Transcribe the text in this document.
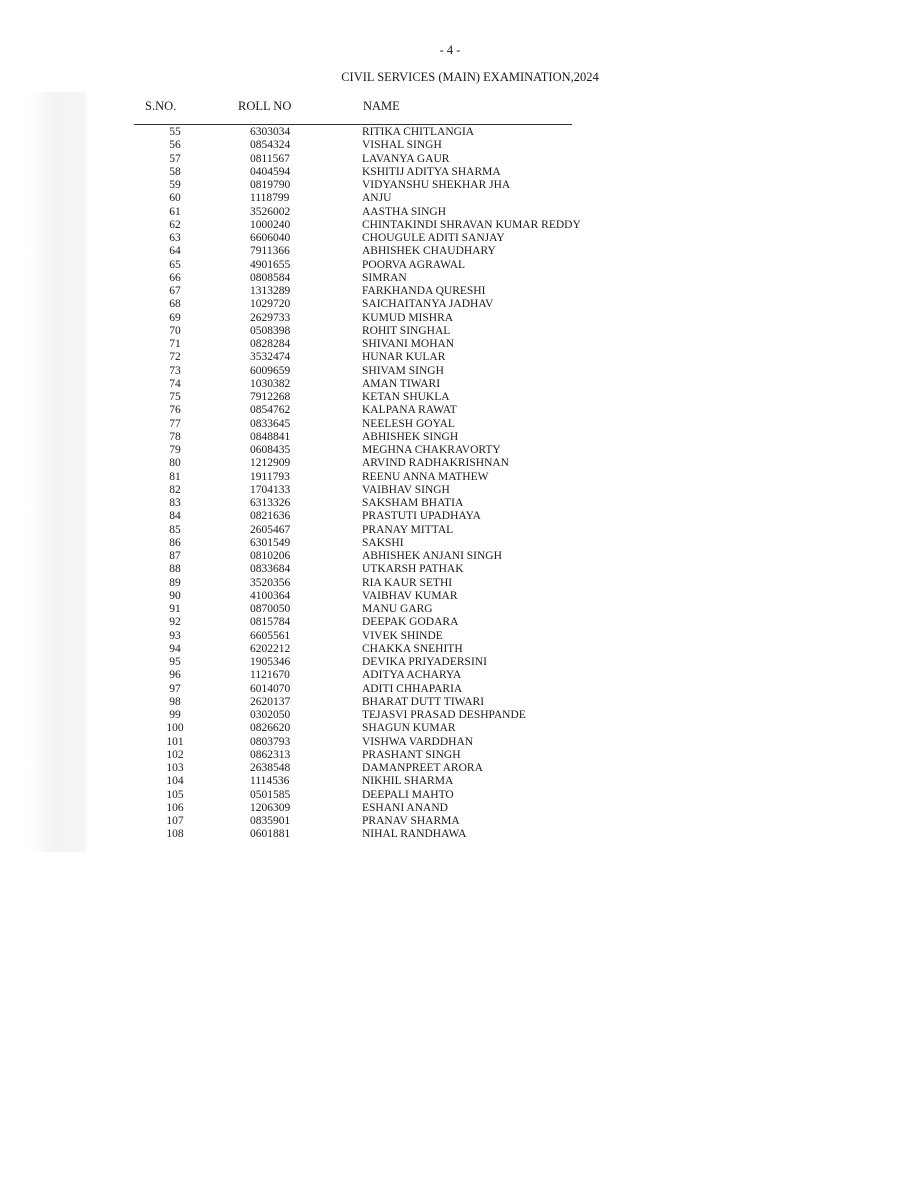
- 4 -
CIVIL SERVICES (MAIN) EXAMINATION,2024
S.NO.	ROLL NO	NAME
55	6303034	RITIKA CHITLANGIA
56	0854324	VISHAL SINGH
57	0811567	LAVANYA GAUR
58	0404594	KSHITIJ ADITYA SHARMA
59	0819790	VIDYANSHU SHEKHAR JHA
60	1118799	ANJU
61	3526002	AASTHA SINGH
62	1000240	CHINTAKINDI SHRAVAN KUMAR REDDY
63	6606040	CHOUGULE ADITI SANJAY
64	7911366	ABHISHEK CHAUDHARY
65	4901655	POORVA AGRAWAL
66	0808584	SIMRAN
67	1313289	FARKHANDA QURESHI
68	1029720	SAICHAITANYA JADHAV
69	2629733	KUMUD MISHRA
70	0508398	ROHIT SINGHAL
71	0828284	SHIVANI MOHAN
72	3532474	HUNAR KULAR
73	6009659	SHIVAM SINGH
74	1030382	AMAN TIWARI
75	7912268	KETAN SHUKLA
76	0854762	KALPANA RAWAT
77	0833645	NEELESH GOYAL
78	0848841	ABHISHEK SINGH
79	0608435	MEGHNA CHAKRAVORTY
80	1212909	ARVIND RADHAKRISHNAN
81	1911793	REENU ANNA MATHEW
82	1704133	VAIBHAV SINGH
83	6313326	SAKSHAM BHATIA
84	0821636	PRASTUTI UPADHAYA
85	2605467	PRANAY MITTAL
86	6301549	SAKSHI
87	0810206	ABHISHEK ANJANI SINGH
88	0833684	UTKARSH PATHAK
89	3520356	RIA KAUR SETHI
90	4100364	VAIBHAV KUMAR
91	0870050	MANU GARG
92	0815784	DEEPAK GODARA
93	6605561	VIVEK SHINDE
94	6202212	CHAKKA SNEHITH
95	1905346	DEVIKA PRIYADERSINI
96	1121670	ADITYA ACHARYA
97	6014070	ADITI CHHAPARIA
98	2620137	BHARAT DUTT TIWARI
99	0302050	TEJASVI PRASAD DESHPANDE
100	0826620	SHAGUN KUMAR
101	0803793	VISHWA VARDDHAN
102	0862313	PRASHANT SINGH
103	2638548	DAMANPREET ARORA
104	1114536	NIKHIL SHARMA
105	0501585	DEEPALI MAHTO
106	1206309	ESHANI ANAND
107	0835901	PRANAV SHARMA
108	0601881	NIHAL RANDHAWA
